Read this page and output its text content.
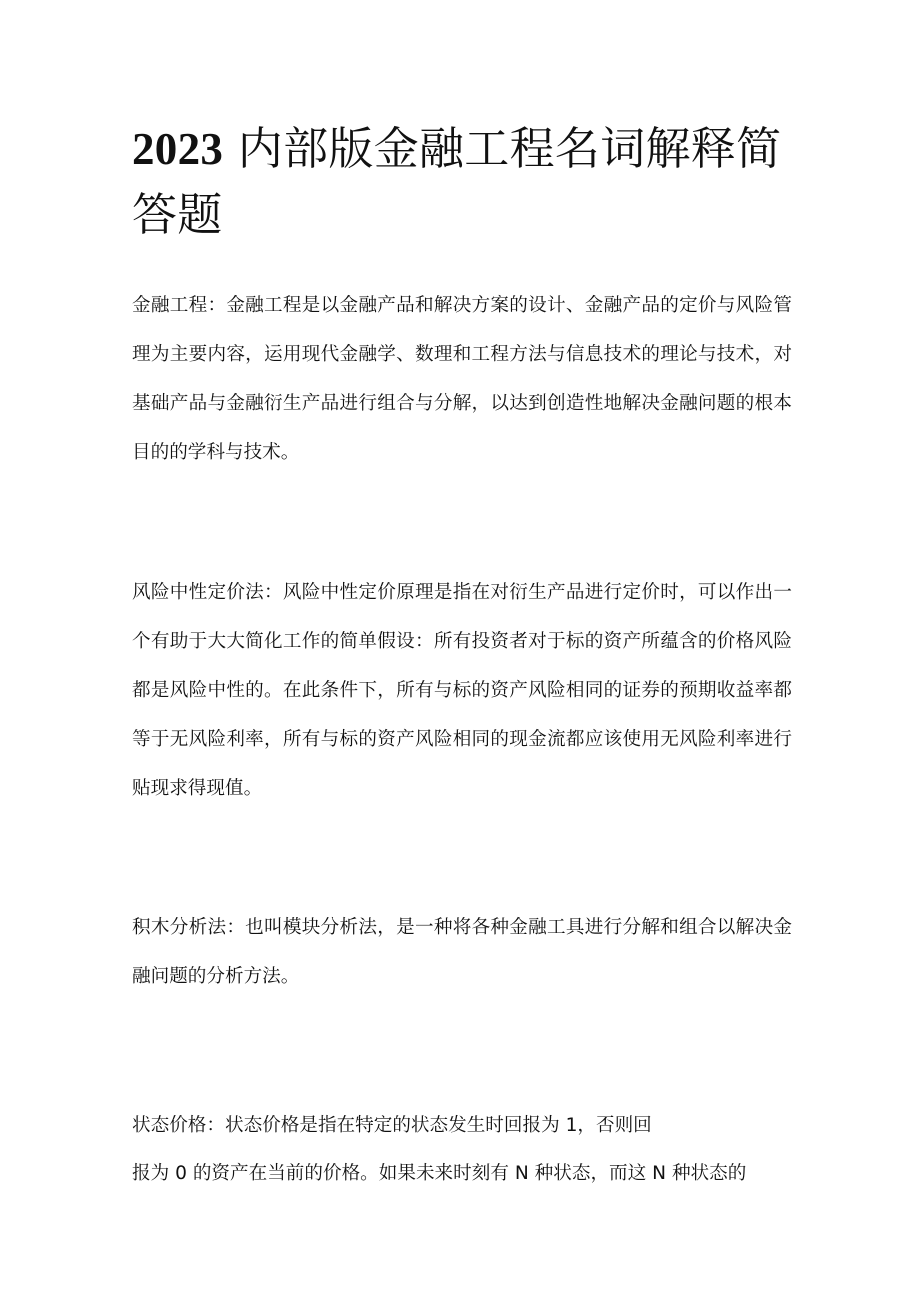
2023 内部版金融工程名词解释简答题

金融工程：金融工程是以金融产品和解决方案的设计、金融产品的定价与风险管理为主要内容，运用现代金融学、数理和工程方法与信息技术的理论与技术，对基础产品与金融衍生产品进行组合与分解，以达到创造性地解决金融问题的根本目的的学科与技术。

风险中性定价法：风险中性定价原理是指在对衍生产品进行定价时，可以作出一个有助于大大简化工作的简单假设：所有投资者对于标的资产所蕴含的价格风险都是风险中性的。在此条件下，所有与标的资产风险相同的证券的预期收益率都等于无风险利率，所有与标的资产风险相同的现金流都应该使用无风险利率进行贴现求得现值。

积木分析法：也叫模块分析法，是一种将各种金融工具进行分解和组合以解决金融问题的分析方法。

状态价格：状态价格是指在特定的状态发生时回报为 1，否则回

报为 0 的资产在当前的价格。如果未来时刻有 N 种状态，而这 N 种状态的
